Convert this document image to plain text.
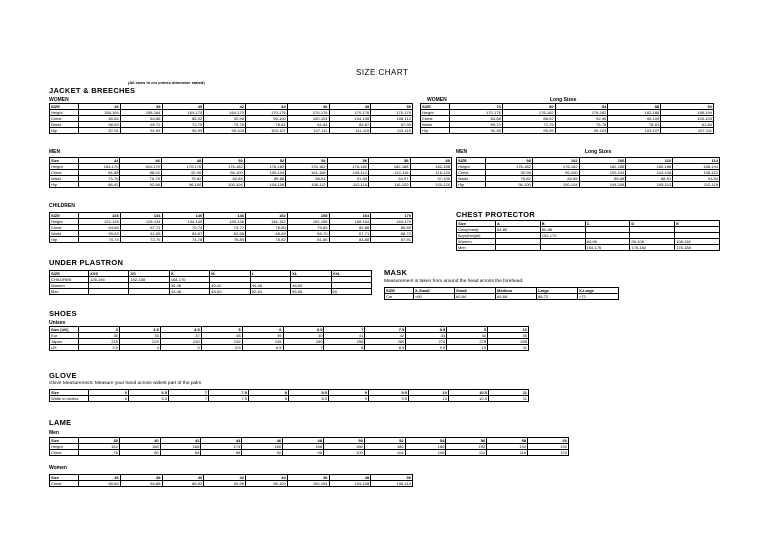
SIZE CHART
(All sizes in cm unless otherwise stated)
JACKET & BREECHES
WOMEN	WOMEN	Long Sizes
SIZE	36	38	40	42	44	46	48	50
Height	158-164	158-164	164-170	164-170	170-176	170-176	170-176	170-176
Chest	80-84	84-88	88-92	92-96	96-100	100-104	104-108	108-112
Waist	66-69	69-72	72-75	75-78	78-81	81-84	84-87	87-90
Hip	87-91	91-95	95-99	99-103	103-107	107-111	111-115	115-119
SIZE	76	80	84	88	92
Height	170-176	176-182	176-182	182-188	188-194
Chest	84-88	88-92	92-96	96-100	100-104
Waist	69-72	72-75	75-78	78-81	81-84
Hip	91-95	95-99	99-103	103-107	107-111
MEN	MEN	Long Sizes
Size	44	46	48	50	52	54	56	58	60
Height	164-170	164-170	170-176	176-182	176-182	176-182	176-182	182-188	182-188
Chest	84-88	88-92	92-96	96-100	100-104	104-108	108-112	112-116	116-120
Waist	73-76	76-79	79-82	82-85	85-88	88-91	91-94	94-97	97-100
Hip	88-92	92-96	96-100	100-104	104-108	108-112	112-116	116-120	120-124
SIZE	98	102	106	110	114
Height	176-182	176-182	182-188	182-188	188-194
Chest	92-96	96-100	100-104	104-108	108-112
Waist	79-82	82-85	85-88	88-91	91-94
Hip	96-100	100-104	104-108	108-112	112-116
CHILDREN
SIZE	128	134	140	146	152	158	164	170
Height	122-128	128-134	134-140	140-146	146-152	152-158	158-164	164-170
Chest	64-68	67-71	70-74	73-77	76-80	79-83	82-86	85-89
Waist	59-63	61-65	63-67	64-68	65-69	66-70	67-71	68-72
Hip	70-74	72-76	74-78	76-80	78-82	81-85	84-88	87-91
CHEST PROTECTOR
Size	A	B	C	D	E
Girls(chest)	64-80	80-88			
Boys(height)		152-170			
Women			84-96	96-108	108-116
Men			164-176	176-182	176-188
UNDER PLASTRON
SIZE	XXS	XS	S	M	L	XL	XXL
CHILDREN	128-146	152-158	164-170				
Women			36-38	40-42	44-46	48-50	
Men			44-46	48-50	52-54	56-58	60
MASK
Measurement is taken from around the head across the forehead.
SIZE	X-Small	Small	Medium	Large	X-Large
Cm	<60	60-64	64-68	68-72	>72
SHOES
Unisex
Size (UK)	3	3.5	4.5	5	6	6.5	7	7.5	8.5	9	10
Eur	35	36	37	38	39	40	41	42	43	44	45
Japan	215	220	230	235	245	250	255	260	270	275	285
US	3.5	4	5	5.5	6.5	7	8	8.5	9.5	10	11
GLOVE
Glove Measurement: Measure your hand across widest part of the palm
Size	6	6.5	7	7.5	8	8.5	9	9.5	10	10.5	11
Width in Inches	6	6.5	7	7.5	8	8.5	9	9.5	10	10.5	11
LAME
Men
Size	38	40	42	44	46	48	50	52	54	56	58	60
Height	162	168	168	174	180	186	186	186	186	192	192	192
Chest	76	80	84	88	92	96	100	104	108	112	116	120
Women
Size	36	38	40	42	44	46	48	50
Chest	80-84	84-88	88-92	92-96	96-100	100-104	104-108	106-112
